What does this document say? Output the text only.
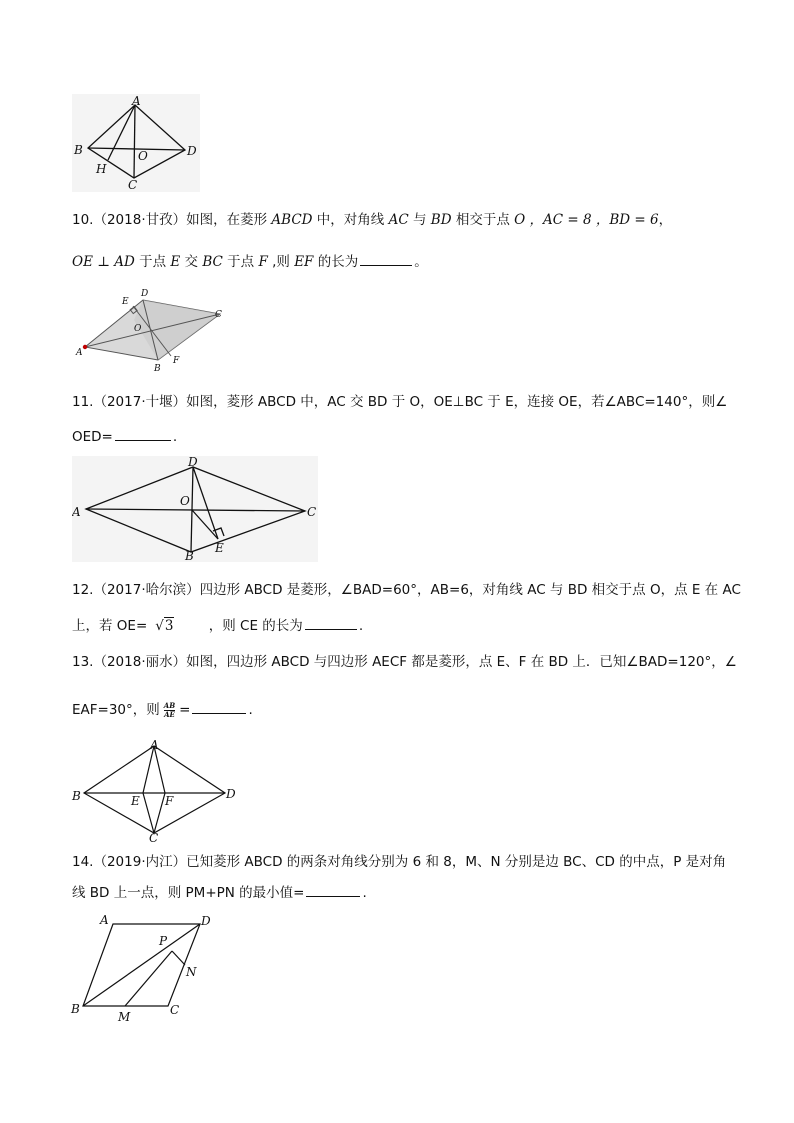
A
B	O	D
H
C
10.（2018·甘孜）如图，在菱形 ABCD 中，对角线 AC 与 BD 相交于点 O ，AC = 8 ，BD = 6，
OE ⊥ AD 于点 E 交 BC 于点 F ,则 EF 的长为	。
A
C
D
E
O
B
F
11.（2017·十堰）如图，菱形 ABCD 中，AC 交 BD 于 O，OE⊥BC 于 E，连接 OE，若∠ABC=140°，则∠
OED=	.
A
D
O
C
B
E
12.（2017·哈尔滨）四边形 ABCD 是菱形，∠BAD=60°，AB=6，对角线 AC 与 BD 相交于点 O，点 E 在 AC
上，若 OE= √3	，则 CE 的长为	.
13.（2018·丽水）如图，四边形 ABCD 与四边形 AECF 都是菱形，点 E、F 在 BD 上．已知∠BAD=120°，∠
EAF=30°，则 $\frac{AB}{AE}$ =	.
A
B	E F	D
C
14.（2019·内江）已知菱形 ABCD 的两条对角线分别为 6 和 8，M、N 分别是边 BC、CD 的中点，P 是对角
线 BD 上一点，则 PM+PN 的最小值=	.
A	D
P
N
B	C
M
